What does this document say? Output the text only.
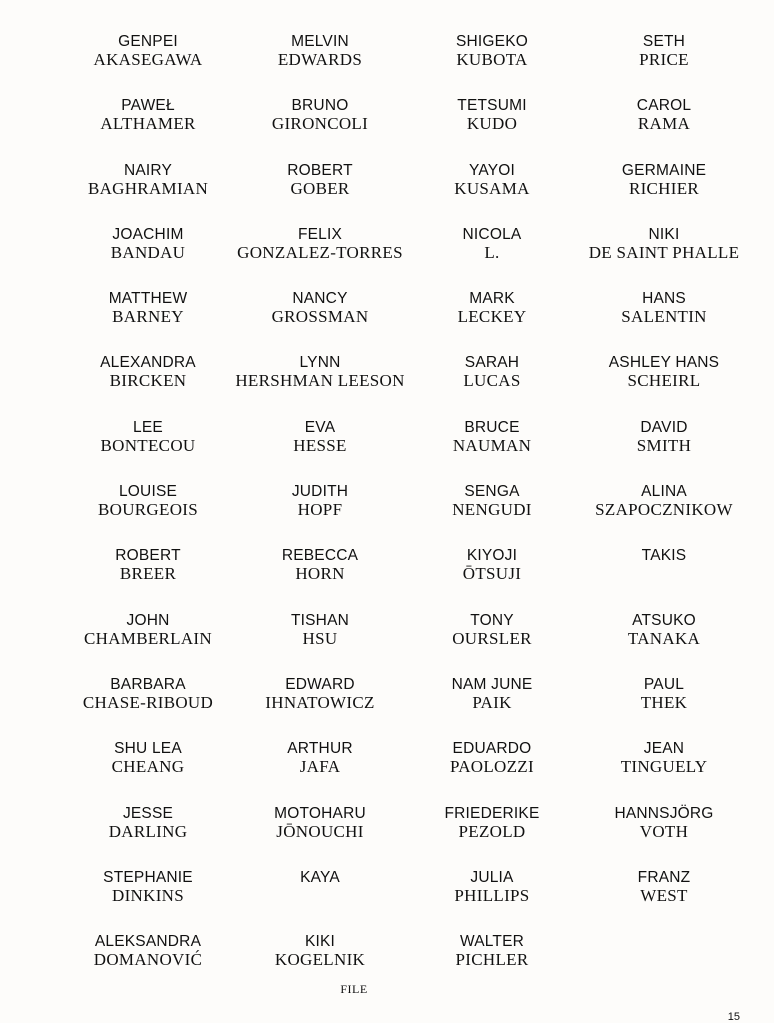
GENPEI
AKASEGAWA
MELVIN
EDWARDS
SHIGEKO
KUBOTA
SETH
PRICE
PAWEŁ
ALTHAMER
BRUNO
GIRONCOLI
TETSUMI
KUDO
CAROL
RAMA
NAIRY
BAGHRAMIAN
ROBERT
GOBER
YAYOI
KUSAMA
GERMAINE
RICHIER
JOACHIM
BANDAU
FELIX
GONZALEZ-TORRES
NICOLA
L.
NIKI
DE SAINT PHALLE
MATTHEW
BARNEY
NANCY
GROSSMAN
MARK
LECKEY
HANS
SALENTIN
ALEXANDRA
BIRCKEN
LYNN
HERSHMAN LEESON
SARAH
LUCAS
ASHLEY HANS
SCHEIRL
LEE
BONTECOU
EVA
HESSE
BRUCE
NAUMAN
DAVID
SMITH
LOUISE
BOURGEOIS
JUDITH
HOPF
SENGA
NENGUDI
ALINA
SZAPOCZNIKOW
ROBERT
BREER
REBECCA
HORN
KIYOJI
ŌTSUJI
TAKIS
JOHN
CHAMBERLAIN
TISHAN
HSU
TONY
OURSLER
ATSUKO
TANAKA
BARBARA
CHASE-RIBOUD
EDWARD
IHNATOWICZ
NAM JUNE
PAIK
PAUL
THEK
SHU LEA
CHEANG
ARTHUR
JAFA
EDUARDO
PAOLOZZI
JEAN
TINGUELY
JESSE
DARLING
MOTOHARU
JŌNOUCHI
FRIEDERIKE
PEZOLD
HANNSJÖRG
VOTH
STEPHANIE
DINKINS
KAYA	JULIA
PHILLIPS
FRANZ
WEST
ALEKSANDRA
DOMANOVIĆ
KIKI
KOGELNIK
WALTER
PICHLER
FILE
15
